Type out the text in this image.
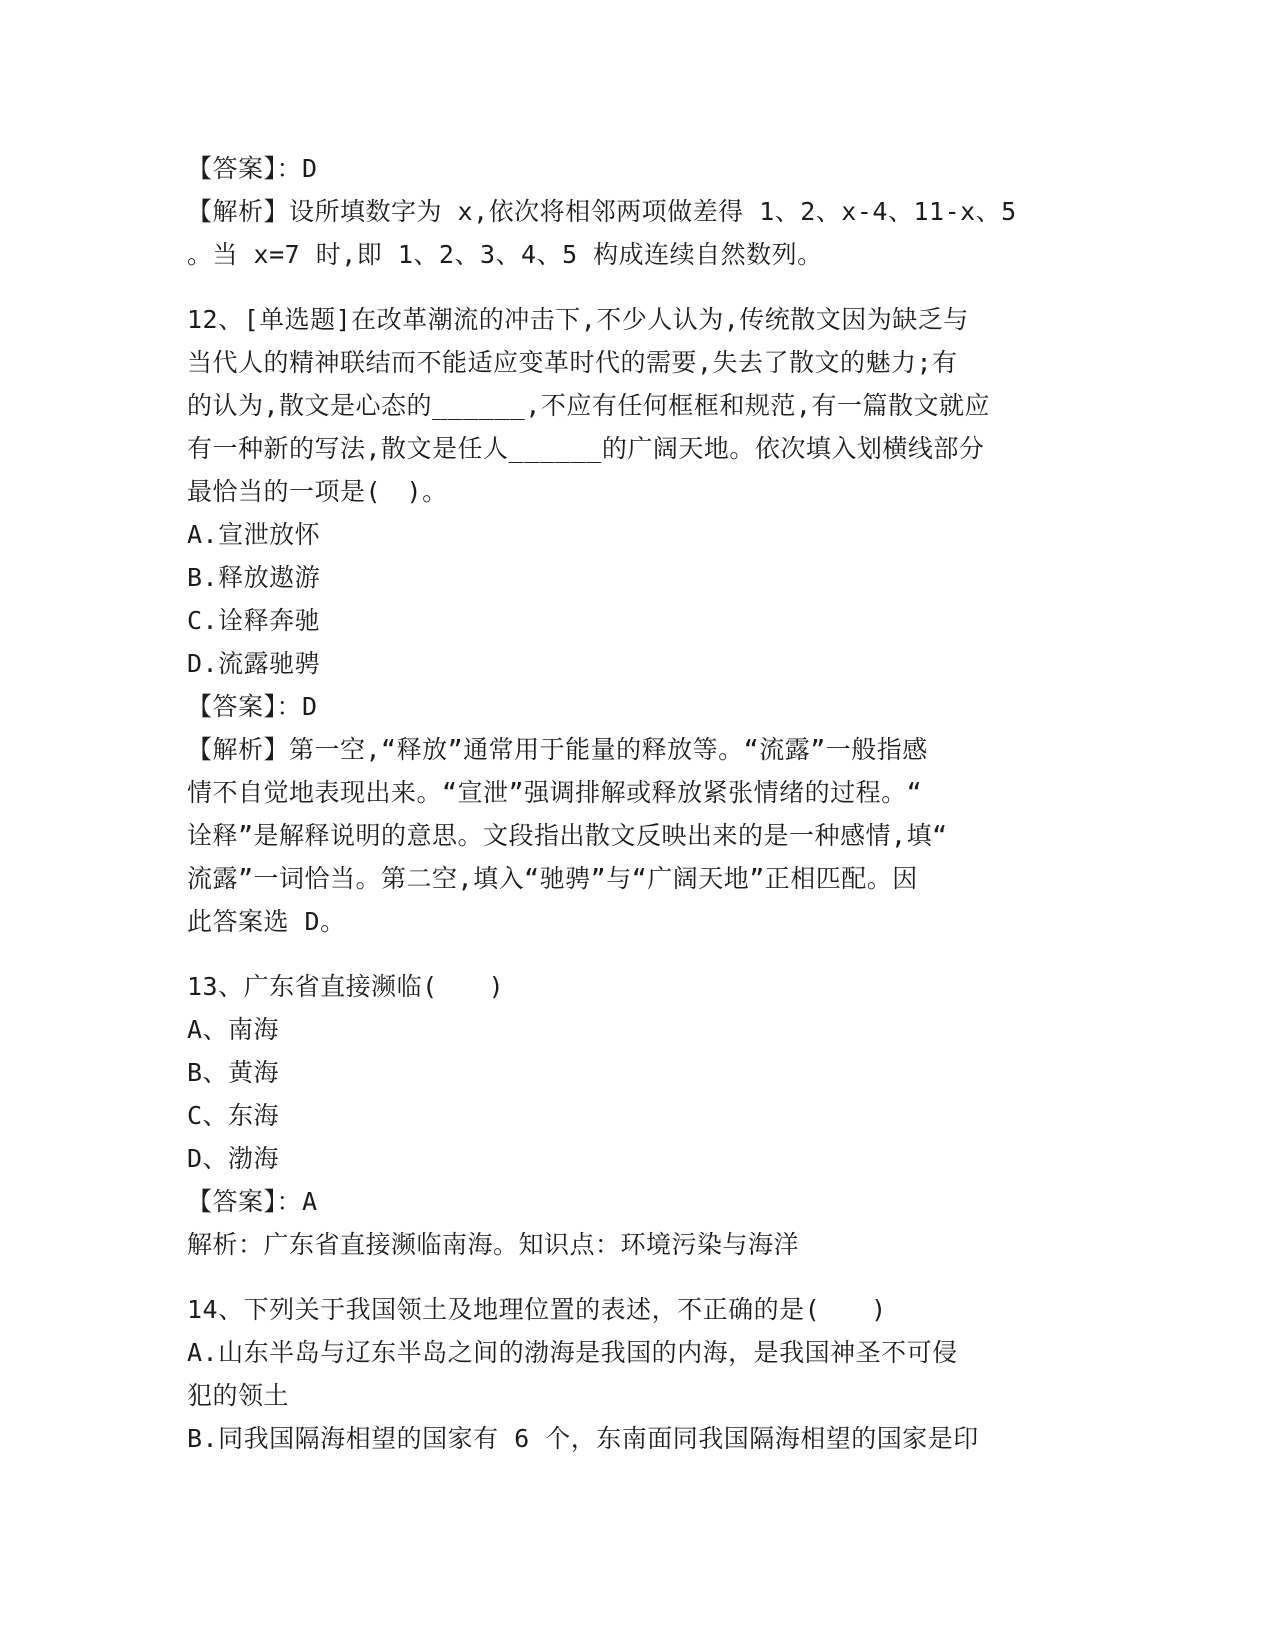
【答案】：D
【解析】设所填数字为 x,依次将相邻两项做差得 1、2、x-4、11-x、5
。当 x=7 时,即 1、2、3、4、5 构成连续自然数列。
12、[单选题]在改革潮流的冲击下,不少人认为,传统散文因为缺乏与
当代人的精神联结而不能适应变革时代的需要,失去了散文的魅力;有
的认为,散文是心态的______,不应有任何框框和规范,有一篇散文就应
有一种新的写法,散文是任人______的广阔天地。依次填入划横线部分
最恰当的一项是(　)。
A.宣泄放怀
B.释放遨游
C.诠释奔驰
D.流露驰骋
【答案】：D
【解析】第一空,“释放”通常用于能量的释放等。“流露”一般指感
情不自觉地表现出来。“宣泄”强调排解或释放紧张情绪的过程。“
诠释”是解释说明的意思。文段指出散文反映出来的是一种感情,填“
流露”一词恰当。第二空,填入“驰骋”与“广阔天地”正相匹配。因
此答案选 D。
13、广东省直接濒临(　　)
A、南海
B、黄海
C、东海
D、渤海
【答案】：A
解析：广东省直接濒临南海。知识点：环境污染与海洋
14、下列关于我国领土及地理位置的表述，不正确的是(　　)
A.山东半岛与辽东半岛之间的渤海是我国的内海，是我国神圣不可侵
犯的领土
B.同我国隔海相望的国家有 6 个，东南面同我国隔海相望的国家是印
